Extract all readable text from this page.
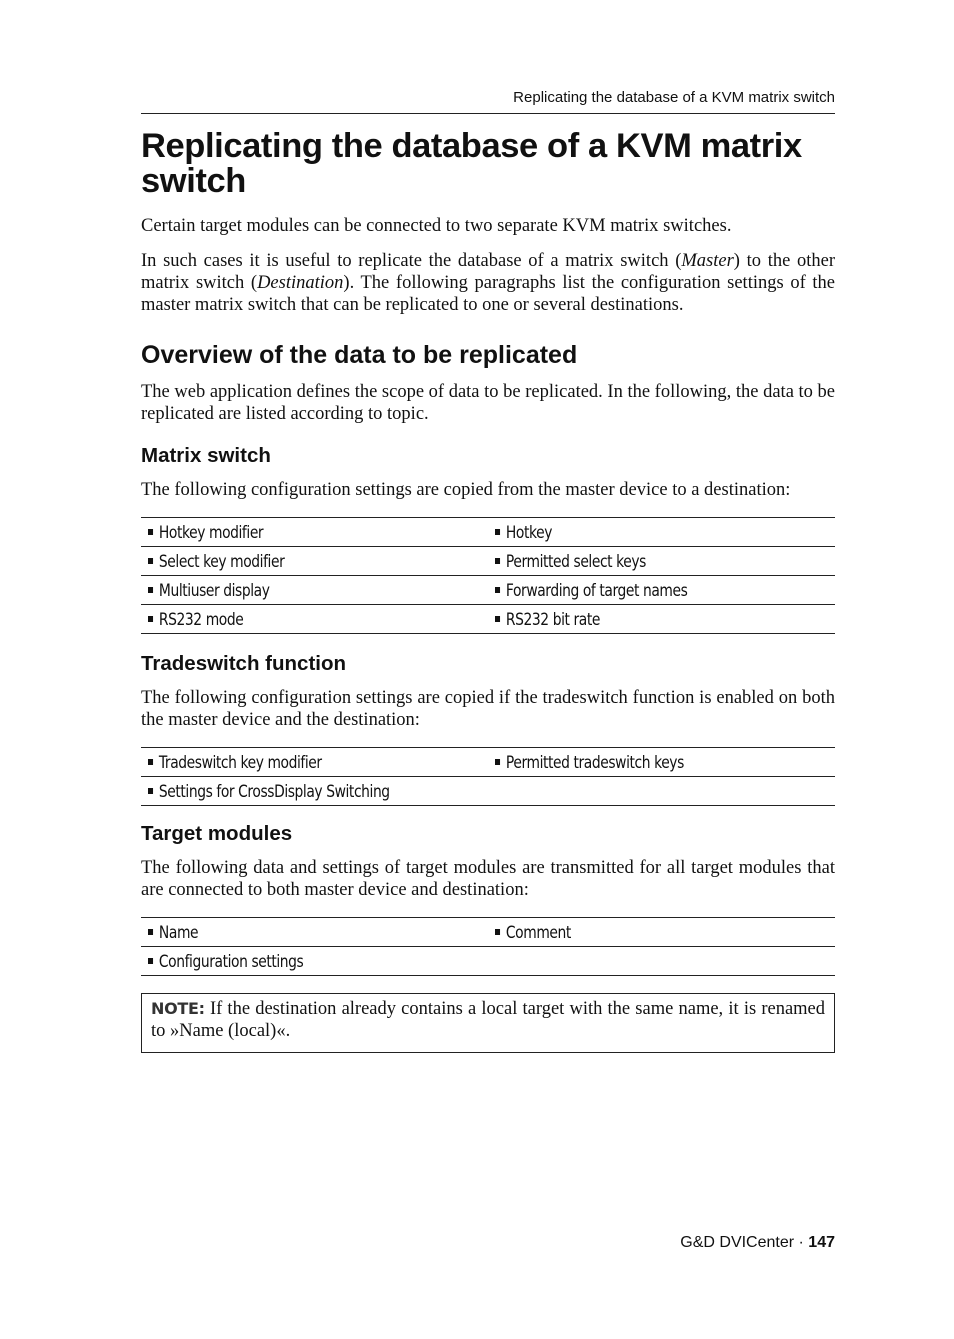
Replicating the database of a KVM matrix switch
Replicating the database of a KVM matrix switch

Certain target modules can be connected to two separate KVM matrix switches.

In such cases it is useful to replicate the database of a matrix switch (Master) to the other matrix switch (Destination). The following paragraphs list the configuration settings of the master matrix switch that can be replicated to one or several destinations.

Overview of the data to be replicated

The web application defines the scope of data to be replicated. In the following, the data to be replicated are listed according to topic.

Matrix switch

The following configuration settings are copied from the master device to a destination:

Hotkey modifier	Hotkey
Select key modifier	Permitted select keys
Multiuser display	Forwarding of target names
RS232 mode	RS232 bit rate
Tradeswitch function

The following configuration settings are copied if the tradeswitch function is enabled on both the master device and the destination:

Tradeswitch key modifier	Permitted tradeswitch keys
Settings for CrossDisplay Switching	
Target modules

The following data and settings of target modules are transmitted for all target modules that are connected to both master device and destination:

Name	Comment
Configuration settings	
NOTE: If the destination already contains a local target with the same name, it is renamed to »Name (local)«.
G&D DVICenter · 147
